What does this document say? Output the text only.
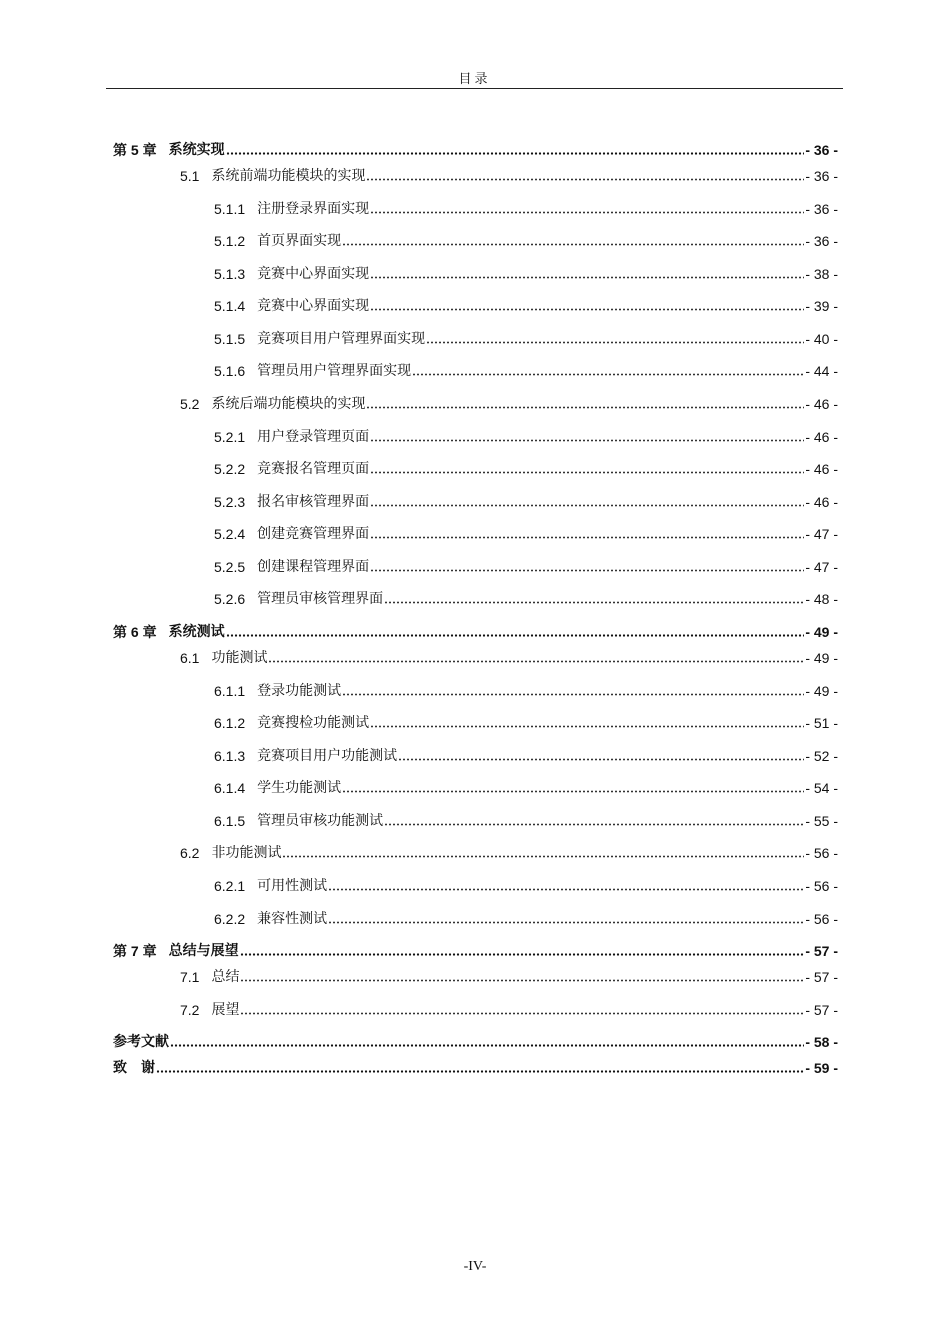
目录
第 5 章 系统实现	- 36 -
5.1 系统前端功能模块的实现	- 36 -
5.1.1 注册登录界面实现	- 36 -
5.1.2 首页界面实现	- 36 -
5.1.3 竞赛中心界面实现	- 38 -
5.1.4 竞赛中心界面实现	- 39 -
5.1.5 竞赛项目用户管理界面实现	- 40 -
5.1.6 管理员用户管理界面实现	- 44 -
5.2 系统后端功能模块的实现	- 46 -
5.2.1 用户登录管理页面	- 46 -
5.2.2 竞赛报名管理页面	- 46 -
5.2.3 报名审核管理界面	- 46 -
5.2.4 创建竞赛管理界面	- 47 -
5.2.5 创建课程管理界面	- 47 -
5.2.6 管理员审核管理界面	- 48 -
第 6 章 系统测试	- 49 -
6.1 功能测试	- 49 -
6.1.1 登录功能测试	- 49 -
6.1.2 竞赛搜检功能测试	- 51 -
6.1.3 竞赛项目用户功能测试	- 52 -
6.1.4 学生功能测试	- 54 -
6.1.5 管理员审核功能测试	- 55 -
6.2 非功能测试	- 56 -
6.2.1 可用性测试	- 56 -
6.2.2 兼容性测试	- 56 -
第 7 章 总结与展望	- 57 -
7.1 总结	- 57 -
7.2 展望	- 57 -
参考文献	- 58 -
致　谢	- 59 -
-IV-
